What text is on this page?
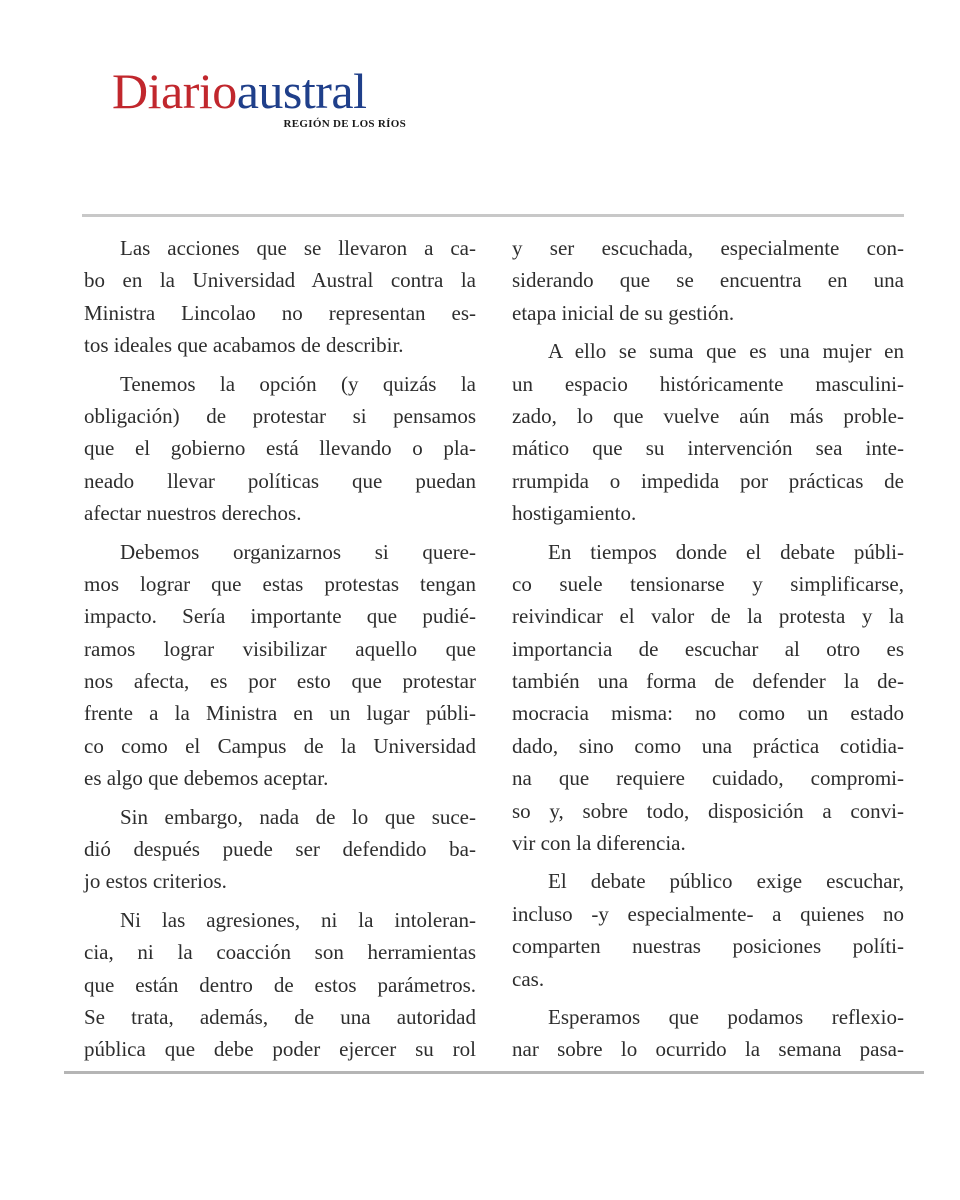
Diarioaustral
REGIÓN DE LOS RÍOS
Las acciones que se llevaron a ca-
bo en la Universidad Austral contra la
Ministra Lincolao no representan es-
tos ideales que acabamos de describir.
Tenemos la opción (y quizás la
obligación) de protestar si pensamos
que el gobierno está llevando o pla-
neado llevar políticas que puedan
afectar nuestros derechos.
Debemos organizarnos si quere-
mos lograr que estas protestas tengan
impacto. Sería importante que pudié-
ramos lograr visibilizar aquello que
nos afecta, es por esto que protestar
frente a la Ministra en un lugar públi-
co como el Campus de la Universidad
es algo que debemos aceptar.
Sin embargo, nada de lo que suce-
dió después puede ser defendido ba-
jo estos criterios.
Ni las agresiones, ni la intoleran-
cia, ni la coacción son herramientas
que están dentro de estos parámetros.
Se trata, además, de una autoridad
pública que debe poder ejercer su rol
y ser escuchada, especialmente con-
siderando que se encuentra en una
etapa inicial de su gestión.
A ello se suma que es una mujer en
un espacio históricamente masculini-
zado, lo que vuelve aún más proble-
mático que su intervención sea inte-
rrumpida o impedida por prácticas de
hostigamiento.
En tiempos donde el debate públi-
co suele tensionarse y simplificarse,
reivindicar el valor de la protesta y la
importancia de escuchar al otro es
también una forma de defender la de-
mocracia misma: no como un estado
dado, sino como una práctica cotidia-
na que requiere cuidado, compromi-
so y, sobre todo, disposición a convi-
vir con la diferencia.
El debate público exige escuchar,
incluso -y especialmente- a quienes no
comparten nuestras posiciones políti-
cas.
Esperamos que podamos reflexio-
nar sobre lo ocurrido la semana pasa-
